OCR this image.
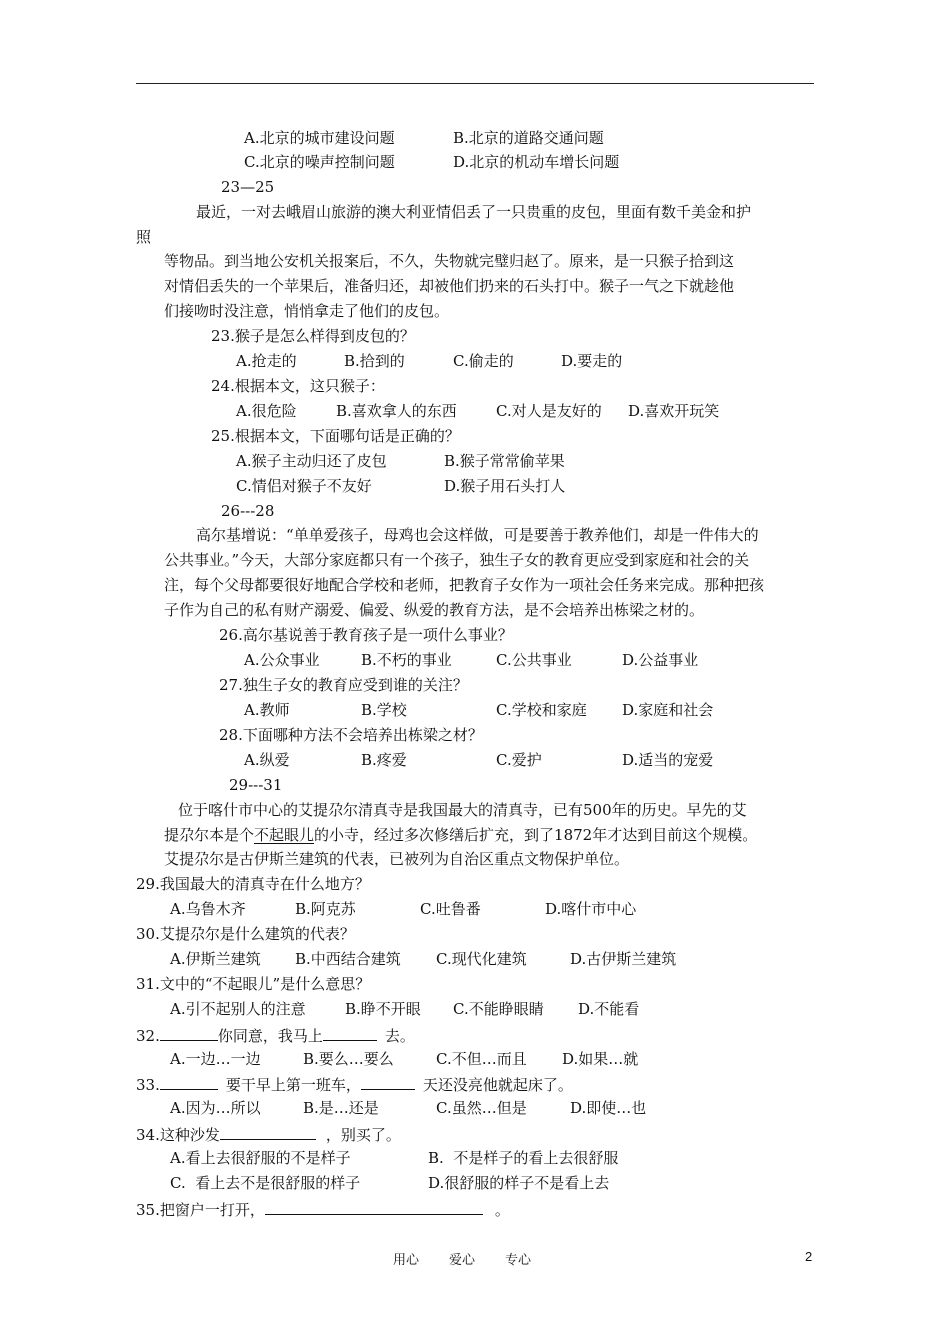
A.北京的城市建设问题	B.北京的道路交通问题
C.北京的噪声控制问题	D.北京的机动车增长问题
23—25
最近，一对去峨眉山旅游的澳大利亚情侣丢了一只贵重的皮包，里面有数千美金和护
照
等物品。到当地公安机关报案后，不久，失物就完璧归赵了。原来，是一只猴子拾到这
对情侣丢失的一个苹果后，准备归还，却被他们扔来的石头打中。猴子一气之下就趁他
们接吻时没注意，悄悄拿走了他们的皮包。
23.猴子是怎么样得到皮包的？
A.抢走的	B.拾到的	C.偷走的	D.要走的
24.根据本文，这只猴子：
A.很危险	B.喜欢拿人的东西	C.对人是友好的 D.喜欢开玩笑
25.根据本文，下面哪句话是正确的？
A.猴子主动归还了皮包	B.猴子常常偷苹果
C.情侣对猴子不友好	D.猴子用石头打人
26---28
高尔基增说：“单单爱孩子，母鸡也会这样做，可是要善于教养他们，却是一件伟大的
公共事业。”今天，大部分家庭都只有一个孩子，独生子女的教育更应受到家庭和社会的关
注，每个父母都要很好地配合学校和老师，把教育子女作为一项社会任务来完成。那种把孩
子作为自己的私有财产溺爱、偏爱、纵爱的教育方法，是不会培养出栋梁之材的。
26.高尔基说善于教育孩子是一项什么事业？
A.公众事业	B.不朽的事业	C.公共事业	D.公益事业
27.独生子女的教育应受到谁的关注？
A.教师	B.学校	C.学校和家庭 D.家庭和社会
28.下面哪种方法不会培养出栋梁之材？
A.纵爱	B.疼爱	C.爱护	D.适当的宠爱
29---31
位于喀什市中心的艾提尕尔清真寺是我国最大的清真寺，已有500年的历史。早先的艾
提尕尔本是个不起眼儿的小寺，经过多次修缮后扩充，到了1872年才达到目前这个规模。
艾提尕尔是古伊斯兰建筑的代表，已被列为自治区重点文物保护单位。
29.我国最大的清真寺在什么地方？
A.乌鲁木齐	B.阿克苏	C.吐鲁番	D.喀什市中心
30.艾提尕尔是什么建筑的代表？
A.伊斯兰建筑 B.中西结合建筑 C.现代化建筑	D.古伊斯兰建筑
31.文中的“不起眼儿”是什么意思？
A.引不起别人的注意	B.睁不开眼 C.不能睁眼睛 D.不能看
32.	你同意，我马上	去。
A.一边…一边	B.要么…要么	C.不但…而且 D.如果…就
33.	要干早上第一班车，	天还没亮他就起床了。
A.因为…所以	B.是…还是	C.虽然…但是	D.即使…也
34.这种沙发	，别买了。
A.看上去很舒服的不是样子	B.  不是样子的看上去很舒服
C.  看上去不是很舒服的样子	D.很舒服的样子不是看上去
35.把窗户一打开，	。
用心 爱心 专心	2
